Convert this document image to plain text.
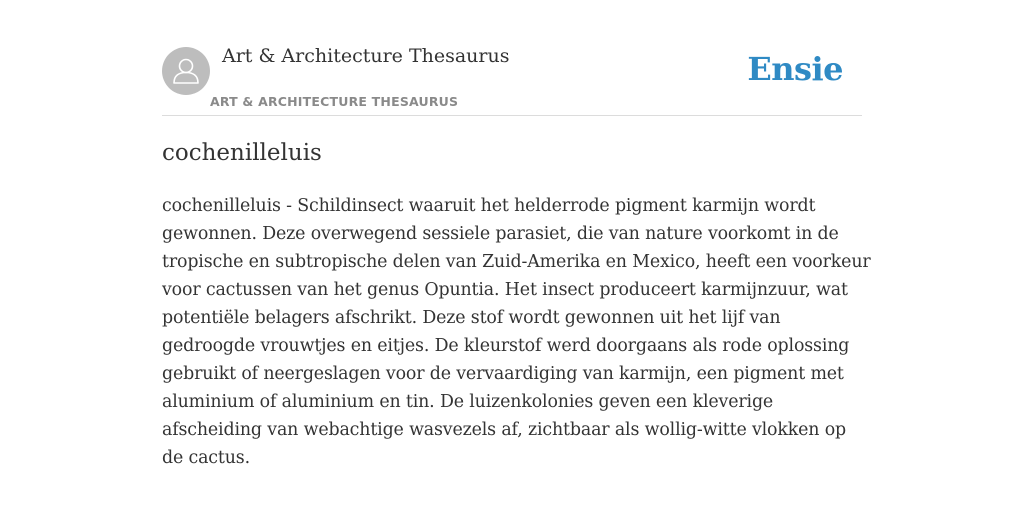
Art & Architecture Thesaurus
ART & ARCHITECTURE THESAURUS
Ensie
cochenilleluis
cochenilleluis - Schildinsect waaruit het helderrode pigment karmijn wordt
gewonnen. Deze overwegend sessiele parasiet, die van nature voorkomt in de
tropische en subtropische delen van Zuid-Amerika en Mexico, heeft een voorkeur
voor cactussen van het genus Opuntia. Het insect produceert karmijnzuur, wat
potentiële belagers afschrikt. Deze stof wordt gewonnen uit het lijf van
gedroogde vrouwtjes en eitjes. De kleurstof werd doorgaans als rode oplossing
gebruikt of neergeslagen voor de vervaardiging van karmijn, een pigment met
aluminium of aluminium en tin. De luizenkolonies geven een kleverige
afscheiding van webachtige wasvezels af, zichtbaar als wollig-witte vlokken op
de cactus.
